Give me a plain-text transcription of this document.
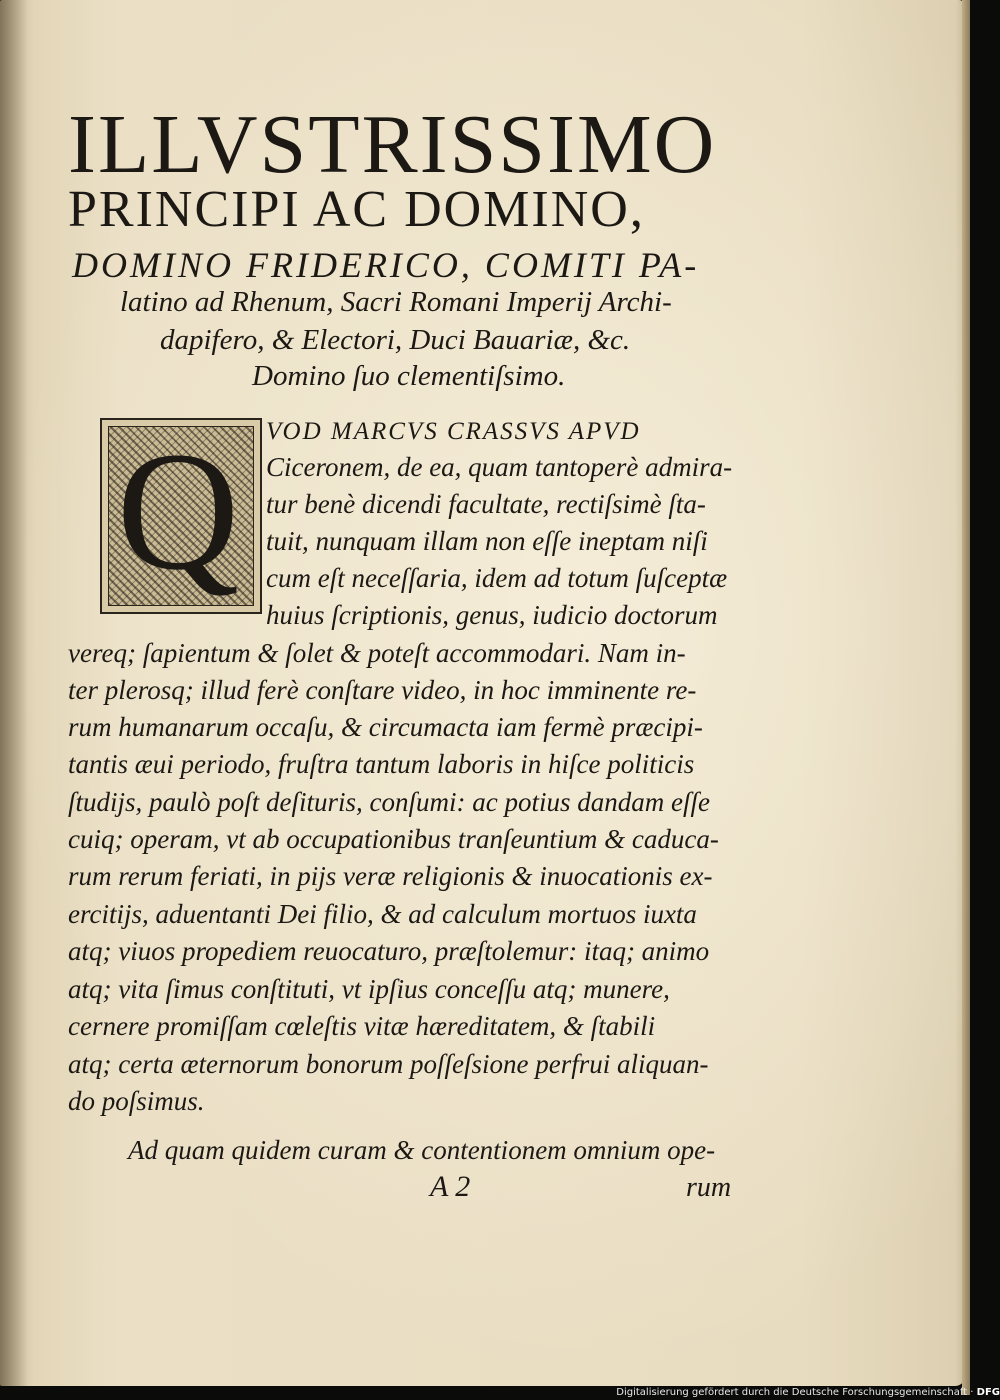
ILLVSTRISSIMO
PRINCIPI AC DOMINO,
DOMINO FRIDERICO, COMITI PA-
latino ad Rhenum, Sacri Romani Imperij Archi-
dapifero, & Electori, Duci Bauariæ, &c.
Domino ſuo clementiſsimo.
Q VOD MARCVS CRASSVS APVD
Ciceronem, de ea, quam tantoperè admira-
tur benè dicendi facultate, rectiſsimè ſta-
tuit, nunquam illam non eſſe ineptam niſi
cum eſt neceſſaria, idem ad totum ſuſceptæ
huius ſcriptionis, genus, iudicio doctorum
vereq; ſapientum & ſolet & poteſt accommodari. Nam in-
ter plerosq; illud ferè conſtare video, in hoc imminente re-
rum humanarum occaſu, & circumacta iam fermè præcipi-
tantis æui periodo, fruſtra tantum laboris in hiſce politicis
ſtudijs, paulò poſt deſituris, conſumi: ac potius dandam eſſe
cuiq; operam, vt ab occupationibus tranſeuntium & caduca-
rum rerum feriati, in pijs veræ religionis & inuocationis ex-
ercitijs, aduentanti Dei filio, & ad calculum mortuos iuxta
atq; viuos propediem reuocaturo, præſtolemur: itaq; animo
atq; vita ſimus conſtituti, vt ipſius conceſſu atq; munere,
cernere promiſſam cœleſtis vitæ hæreditatem, & ſtabili
atq; certa æternorum bonorum poſſeſsione perfrui aliquan-
do poſsimus.
Ad quam quidem curam & contentionem omnium ope-
A 2	rum
Digitalisierung gefördert durch die Deutsche Forschungsgemeinschaft · DFG
